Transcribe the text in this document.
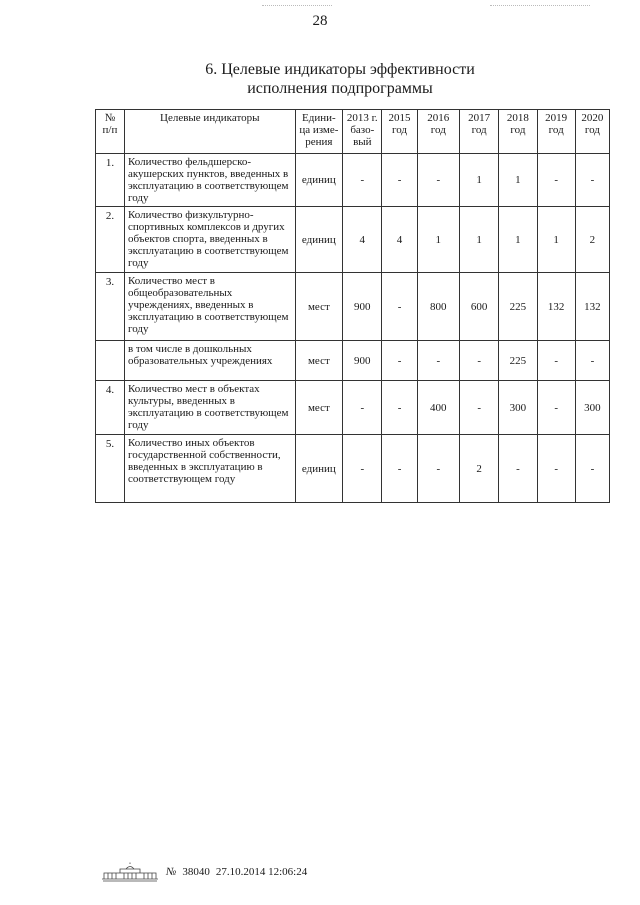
28
6. Целевые индикаторы эффективности
исполнения подпрограммы
№ п/п	Целевые индикаторы	Едини-ца изме-рения	2013 г. базо-вый	2015 год	2016 год	2017 год	2018 год	2019 год	2020 год
1.	Количество фельдшерско-акушерских пунктов, введенных в эксплуатацию в соответствующем году	единиц	-	-	-	1	1	-	-
2.	Количество физкультурно-спортивных комплексов и других объектов спорта, введенных в эксплуатацию в соответствующем году	единиц	4	4	1	1	1	1	2
3.	Количество мест в общеобразовательных учреждениях, введенных в эксплуатацию в соответствующем году	мест	900	-	800	600	225	132	132
	в том числе в дошкольных образовательных учреждениях	мест	900	-	-	-	225	-	-
4.	Количество мест в объектах культуры, введенных в эксплуатацию в соответствующем году	мест	-	-	400	-	300	-	300
5.	Количество иных объектов государственной собственности, введенных в эксплуатацию в соответствующем году	единиц	-	-	-	2	-	-	-
№ 38040 27.10.2014 12:06:24
